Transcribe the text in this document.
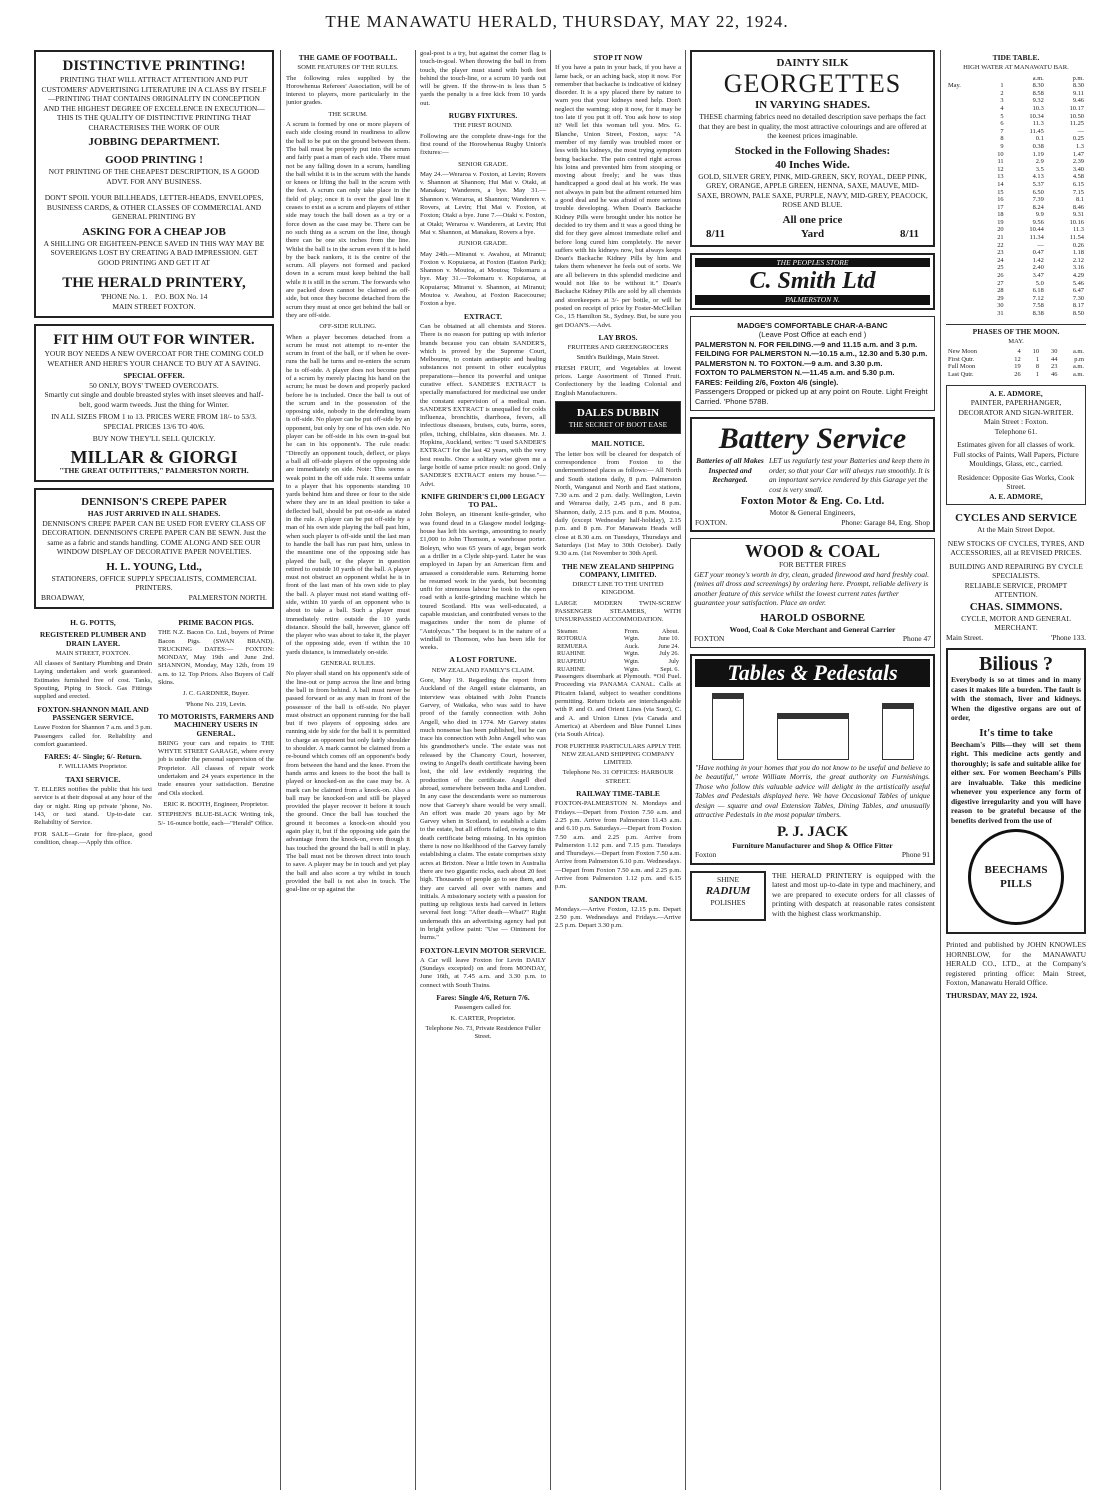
THE MANAWATU HERALD, THURSDAY, MAY 22, 1924.
DISTINCTIVE PRINTING!

PRINTING THAT WILL ATTRACT ATTENTION AND PUT CUSTOMERS' ADVERTISING LITERATURE IN A CLASS BY ITSELF—PRINTING THAT CONTAINS ORIGINALITY IN CONCEPTION AND THE HIGHEST DEGREE OF EXCELLENCE IN EXECUTION—THIS IS THE QUALITY OF DISTINCTIVE PRINTING THAT CHARACTERISES THE WORK OF OUR

JOBBING DEPARTMENT.
GOOD PRINTING !

NOT PRINTING OF THE CHEAPEST DESCRIPTION, IS A GOOD ADVT. FOR ANY BUSINESS.

DON'T SPOIL YOUR BILLHEADS, LETTER-HEADS, ENVELOPES, BUSINESS CARDS, & OTHER CLASSES OF COMMERCIAL AND GENERAL PRINTING BY

ASKING FOR A CHEAP JOB

A SHILLING OR EIGHTEEN-PENCE SAVED IN THIS WAY MAY BE SOVEREIGNS LOST BY CREATING A BAD IMPRESSION. GET GOOD PRINTING AND GET IT AT

THE HERALD PRINTERY,
'PHONE No. 1. P.O. BOX No. 14
MAIN STREET FOXTON.
FIT HIM OUT FOR WINTER.

YOUR BOY NEEDS A NEW OVERCOAT FOR THE COMING COLD WEATHER AND HERE'S YOUR CHANCE TO BUY AT A SAVING.

SPECIAL OFFER.
50 ONLY, BOYS' TWEED OVERCOATS.

Smartly cut single and double breasted styles with inset sleeves and half-belt, good warm tweeds. Just the thing for Winter.

IN ALL SIZES FROM 1 to 13. PRICES WERE FROM 18/- to 53/3. SPECIAL PRICES 13/6 TO 40/6.

BUY NOW THEY'LL SELL QUICKLY.
MILLAR & GIORGI
"THE GREAT OUTFITTERS," PALMERSTON NORTH.
DENNISON'S CREPE PAPER
HAS JUST ARRIVED IN ALL SHADES.

DENNISON'S CREPE PAPER CAN BE USED FOR EVERY CLASS OF DECORATION. DENNISON'S CREPE PAPER CAN BE SEWN. Just the same as a fabric and stands handling. COME ALONG AND SEE OUR WINDOW DISPLAY OF DECORATIVE PAPER NOVELTIES.

H. L. YOUNG, Ltd.,
STATIONERS, OFFICE SUPPLY SPECIALISTS, COMMERCIAL PRINTERS.
BROADWAY,	PALMERSTON NORTH.
H. G. POTTS,
REGISTERED PLUMBER AND DRAIN LAYER.
MAIN STREET, FOXTON.

All classes of Sanitary Plumbing and Drain Laying undertaken and work guaranteed. Estimates furnished free of cost. Tanks, Spouting, Piping in Stock. Gas Fittings supplied and erected.

FOXTON-SHANNON MAIL AND PASSENGER SERVICE.

Leave Foxton for Shannon 7 a.m. and 3 p.m. Passengers called for. Reliability and comfort guaranteed.

FARES: 4/- Single; 6/- Return.
F. WILLIAMS Proprietor.
TAXI SERVICE.

T. ELLERS notifies the public that his taxi service is at their disposal at any hour of the day or night. Ring up private 'phone, No. 143, or taxi stand. Up-to-date car. Reliability of Service.

FOR SALE—Grate for fire-place, good condition, cheap.—Apply this office.

PRIME BACON PIGS.

THE N.Z. Bacon Co. Ltd., buyers of Prime Bacon Pigs. (SWAN BRAND). TRUCKING DATES:— FOXTON: MONDAY, May 19th and June 2nd. SHANNON, Monday, May 12th, from 19 a.m. to 12. Top Prices. Also Buyers of Calf Skins.

J. C. GARDNER, Buyer.
'Phone No. 219, Levin.
TO MOTORISTS, FARMERS AND MACHINERY USERS IN GENERAL.

BRING your cars and repairs to THE WHYTE STREET GARAGE, where every job is under the personal supervision of the Proprietor. All classes of repair work undertaken and 24 years experience in the trade ensures your satisfaction. Benzine and Oils stocked.

ERIC R. BOOTH, Engineer, Proprietor.

STEPHEN'S BLUE-BLACK Writing ink, 5/- 16-ounce bottle, each—"Herald" Office.

THE GAME OF FOOTBALL.
SOME FEATURES OF THE RULES.

The following rules supplied by the Horowhenua Referees' Association, will be of interest to players, more particularly in the junior grades.

THE SCRUM.

A scrum is formed by one or more players of each side closing round in readiness to allow the ball to be put on the ground between them. The ball must be properly put into the scrum and fairly past a man of each side. There must not be any falling down in a scrum, handling the ball whilst it is in the scrum with the hands or knees or lifting the ball in the scrum with the feet. A scrum can only take place in the field of play; once it is over the goal line it ceases to exist as a scrum and players of either side may touch the ball down as a try or a force down as the case may be. There can be no such thing as a scrum on the line, though there can be one six inches from the line. Whilst the ball is in the scrum even if it is held by the back rankers, it is the centre of the scrum. All players not formed and packed down in a scrum must keep behind the ball while it is still in the scrum. The forwards who are packed down cannot be claimed as off-side, but once they become detached from the scrum they must at once get behind the ball or they are off-side.

OFF-SIDE RULING.

When a player becomes detached from a scrum he must not attempt to re-enter the scrum in front of the ball, or if when he over-runs the ball he turns and re-enters the scrum he is off-side. A player does not become part of a scrum by merely placing his hand on the scrum; he must be down and properly packed before he is included. Once the ball is out of the scrum and in the possession of the opposing side, nobody in the defending team is off-side. No player can be put off-side by an opponent, but only by one of his own side. No player can be off-side in his own in-goal but he can in his opponent's. The rule reads: "Directly an opponent touch, deflect, or plays a ball all off-side players of the opposing side are immediately on side. Note: This seems a weak point in the off side rule. It seems unfair to a player that his opponents standing 10 yards behind him and three or four to the side where they are in an ideal position to take a deflected ball, should be put on-side as stated in the rule. A player can be put off-side by a man of his own side playing the ball past him, when such player is off-side until the last man to handle the ball has run past him, unless in the meantime one of the opposing side has played the ball, or the player in question retired to outside 10 yards of the ball. A player must not obstruct an opponent whilst he is in front of the last man of his own side to play the ball. A player must not stand waiting off-side, within 10 yards of an opponent who is about to take a ball. Such a player must immediately retire outside the 10 yards distance. Should the ball, however, glance off the player who was about to take it, the player of the opposing side, even if within the 10 yards distance, is immediately on-side.

GENERAL RULES.

No player shall stand on his opponent's side of the line-out or jump across the line and bring the ball in from behind. A ball must never be passed forward or as any man in front of the possessor of the ball is off-side. No player must obstruct an opponent running for the ball but if two players of opposing sides are running side by side for the ball it is permitted to charge an opponent but only fairly shoulder to shoulder. A mark cannot be claimed from a re-bound which comes off an opponent's body from between the hand and the knee. From the hands arms and knees to the boot the ball is played or knocked-on as the case may be. A mark can be claimed from a knock-on. Also a ball may be knocked-on and still be played provided the player recover it before it touch the ground. Once the ball has touched the ground it becomes a knock-on should you again play it, but if the opposing side gain the advantage from the knock-on, even though it has touched the ground the ball is still in play. The ball must not be thrown direct into touch to save. A player may be in touch and yet play the ball and also score a try whilst in touch provided the ball is not also in touch. The goal-line or up against the

goal-post is a try, but against the corner flag is touch-in-goal. When throwing the ball in from touch, the player must stand with both feet behind the touch-line, or a scrum 10 yards out will be given. If the throw-in is less than 5 yards the penalty is a free kick from 10 yards out.

RUGBY FIXTURES.
THE FIRST ROUND.

Following are the complete draw-ings for the first round of the Horowhenua Rugby Union's fixtures:—

SENIOR GRADE.

May 24.—Weraroa v. Foxton, at Levin; Rovers v. Shannon at Shannon; Hui Mai v. Otaki, at Manakau; Wanderers, a bye. May 31.—Shannon v. Weraroa, at Shannon; Wanderers v. Rovers, at Levin; Hui Mai v. Foxton, at Foxton; Otaki a bye. June 7.—Otaki v. Foxton, at Otaki; Weraroa v. Wanderers, at Levin; Hui Mai v. Shannon, at Manakau, Rovers a bye.

JUNIOR GRADE.

May 24th.—Miranui v. Awahou, at Miranui; Foxton v. Kopuiaroa, at Foxton (Easton Park); Shannon v. Moutoa, at Moutoa; Tokomaru a bye. May 31.—Tokomaru v. Kopuiaroa, at Kopuiaroa; Miranui v. Shannon, at Miranui; Moutoa v. Awahou, at Foxton Racecourse; Foxton a bye.

EXTRACT.

Can be obtained at all chemists and Stores. There is no reason for putting up with inferior brands because you can obtain SANDER'S, which is proved by the Supreme Court, Melbourne, to contain antiseptic and healing substances not present in other eucalyptus preparations—hence its powerful and unique curative effect. SANDER'S EXTRACT is specially manufactured for medicinal use under the constant supervision of a medical man. SANDER'S EXTRACT is unequalled for colds influenza, bronchitis, diarrhoea, fevers, all infectious diseases, bruises, cuts, burns, sores, piles, itching, chilblains, skin diseases. Mr. J. Hopkins, Auckland, writes: "I used SANDER'S EXTRACT for the last 42 years, with the very best results. Once a solitary wise given me a large bottle of same price result: no good. Only SANDER'S EXTRACT enters my house."—Advt.

KNIFE GRINDER'S £1,000 LEGACY TO PAL.

John Boleyn, an itinerant knife-grinder, who was found dead in a Glasgow model lodging-house has left his savings, amounting to nearly £1,000 to John Thomson, a warehouse porter. Boleyn, who was 65 years of age, began work as a driller in a Clyde ship-yard. Later he was employed in Japan by an American firm and amassed a considerable sum. Returning home he resumed work in the yards, but becoming unfit for strenuous labour he took to the open road with a knife-grinding machine which he toured Scotland. His was well-educated, a capable musician, and contributed verses to the magazines under the nom de plume of "Autolycus." The bequest is in the nature of a windfall to Thomson, who has been idle for weeks.

A LOST FORTUNE.
NEW ZEALAND FAMILY'S CLAIM.

Gore, May 19. Regarding the report from Auckland of the Angell estate claimants, an interview was obtained with John Francis Garvey, of Waikaka, who was said to have proof of the family connection with John Angell, who died in 1774. Mr Garvey states much nonsense has been published, but he can trace his connection with John Angell who was his grandmother's uncle. The estate was not released by the Chancery Court, however, owing to Angell's death certificate having been lost, the old law evidently requiring the production of the certificate. Angell died abroad, somewhere between India and London. In any case the descendants were so numerous now that Garvey's share would be very small. An effort was made 20 years ago by Mr Garvey when in Scotland, to establish a claim to the estate, but all efforts failed, owing to this death certificate being missing. In his opinion there is now no likelihood of the Garvey family establishing a claim. The estate comprises sixty acres at Brixton. Near a little town in Australia there are two gigantic rocks, each about 20 feet high. Thousands of people go to see them, and they are carved all over with names and initials. A missionary society with a passion for putting up religious texts had carved in letters several feet long: "After death—What?" Right underneath this an advertising agency had put in bright yellow paint: "Use — Ointment for burns."

FOXTON-LEVIN MOTOR SERVICE.

A Car will leave Foxton for Levin DAILY (Sundays excepted) on and from MONDAY, June 16th, at 7.45 a.m. and 3.30 p.m. to connect with South Trains.

Fares: Single 4/6, Return 7/6.
Passengers called for.
K. CARTER, Proprietor.
Telephone No. 73, Private Residence Fuller Street.
STOP IT NOW

If you have a pain in your back, if you have a lame back, or an aching back, stop it now. For remember that backache is indicative of kidney disorder. It is a spy placed there by nature to warn you that your kidneys need help. Don't neglect the warning; stop it now, for it may be too late if you put it off. You ask how to stop it? Well let this woman tell you. Mrs. G. Blanche, Union Street, Foxton, says: "A member of my family was troubled more or less with his kidneys, the most trying symptom being backache. The pain centred right across his loins and prevented him from stooping or moving about freely; and he was thus handicapped a good deal at his work. He was not always in pain but the ailment returned him a good deal and he was afraid of more serious trouble developing. When Doan's Backache Kidney Pills were brought under his notice he decided to try them and it was a good thing he did for they gave almost immediate relief and before long cured him completely. He never suffers with his kidneys now, but always keeps Doan's Backache Kidney Pills by him and takes them whenever he feels out of sorts. We are all believers in this splendid medicine and would not like to be without it." Doan's Backache Kidney Pills are sold by all chemists and storekeepers at 3/- per bottle, or will be posted on receipt of price by Foster-McClellan Co., 15 Hamilton St., Sydney. But, be sure you get DOAN'S.—Advt.

LAY BROS.
FRUITERS AND GREENGROCERS
Smith's Buildings, Main Street.

FRESH FRUIT, and Vegetables at lowest prices. Large Assortment of Tinned Fruit. Confectionery by the leading Colonial and English Manufacturers.

DALES DUBBIN
THE SECRET OF BOOT EASE
MAIL NOTICE.

The letter box will be cleared for despatch of correspondence from Foxton to the undermentioned places as follows:— All North and South stations daily, 8 p.m. Palmerston North, Wanganui and North and East stations, 7.30 a.m. and 2 p.m. daily. Wellington, Levin and Weraroa daily, 2.45 p.m., and 8 p.m. Shannon, daily, 2.15 p.m. and 8 p.m. Moutoa, daily (except Wednesday half-holiday), 2.15 p.m. and 8 p.m. For Manawatu Heads will close at 8.30 a.m. on Tuesdays, Thursdays and Saturdays (1st May to 30th October). Daily 9.30 a.m. (1st November to 30th April.

THE NEW ZEALAND SHIPPING COMPANY, LIMITED.
DIRECT LINE TO THE UNITED KINGDOM.

LARGE MODERN TWIN-SCREW PASSENGER STEAMERS, WITH UNSURPASSED ACCOMMODATION.

Steamer.	From.	About.
ROTORUA	Wgtn.	June 10.
REMUERA	Auck.	June 24.
RUAHINE	Wgtn.	July 26.
RUAPEHU	Wgtn.	July
RUAHINE	Wgtn.	Sept. 6.

Passengers disembark at Plymouth. *Oil Fuel. Proceeding via PANAMA CANAL. Calls at Pitcairn Island, subject to weather conditions permitting. Return tickets are interchangeable with P. and O. and Orient Lines (via Suez), C. and A. and Union Lines (via Canada and America) at Aberdeen and Blue Funnel Lines (via South Africa).

FOR FURTHER PARTICULARS APPLY THE NEW ZEALAND SHIPPING COMPANY LIMITED.
Telephone No. 31 OFFICES: HARBOUR STREET.
RAILWAY TIME-TABLE

FOXTON-PALMERSTON N. Mondays and Fridays.—Depart from Foxton 7.50 a.m. and 2.25 p.m. Arrive from Palmerston 11.43 a.m. and 6.10 p.m. Saturdays.—Depart from Foxton 7.50 a.m. and 2.25 p.m. Arrive from Palmerston 1.12 p.m. and 7.15 p.m. Tuesdays and Thursdays.—Depart from Foxton 7.50 a.m. Arrive from Palmerston 6.10 p.m. Wednesdays.—Depart from Foxton 7.50 a.m. and 2.25 p.m. Arrive from Palmerston 1.12 p.m. and 6.15 p.m.

SANDON TRAM.

Mondays.—Arrive Foxton, 12.15 p.m. Depart 2.50 p.m. Wednesdays and Fridays.—Arrive 2.5 p.m. Depart 3.30 p.m.

DAINTY SILK
GEORGETTES
IN VARYING SHADES.

THESE charming fabrics need no detailed description save perhaps the fact that they are best in quality, the most attractive colourings and are offered at the keenest prices imaginable.

Stocked in the Following Shades:
40 Inches Wide.

GOLD, SILVER GREY, PINK, MID-GREEN, SKY, ROYAL, DEEP PINK, GREY, ORANGE, APPLE GREEN, HENNA, SAXE, MAUVE, MID-SAXE, BROWN, PALE SAXE, PURPLE, NAVY, MID-GREY, PEACOCK, ROSE AND BLUE.

All one price
8/11	Yard	8/11
THE PEOPLES STORE
C. Smith Ltd
PALMERSTON N.
MADGE'S COMFORTABLE CHAR-A-BANC
(Leave Post Office at each end )
PALMERSTON N. FOR FEILDING.—9 and 11.15 a.m. and 3 p.m.
FEILDING FOR PALMERSTON N.—10.15 a.m., 12.30 and 5.30 p.m.
PALMERSTON N. TO FOXTON.—9 a.m. and 3.30 p.m.
FOXTON TO PALMERSTON N.—11.45 a.m. and 5.30 p.m.
FARES: Feilding 2/6, Foxton 4/6 (single).
Passengers Dropped or picked up at any point on Route. Light Freight Carried. 'Phone 578B.
Battery Service
Batteries of all Makes Inspected and Recharged.
LET us regularly test your Batteries and keep them in order, so that your Car will always run smoothly. It is an important service rendered by this Garage yet the cost is very small.
Foxton Motor & Eng. Co. Ltd.
Motor & General Engineers,
FOXTON.	Phone: Garage 84, Eng. Shop
WOOD & COAL
FOR BETTER FIRES

GET your money's worth in dry, clean, graded firewood and hard freshly coal. (mines all dross and screenings) by ordering here. Prompt, reliable delivery is another feature of this service whilst the lowest current rates further guarantee your satisfaction. Place an order.

HAROLD OSBORNE
Wood, Coal & Coke Merchant and General Carrier
FOXTON	Phone 47
Tables & Pedestals

"Have nothing in your homes that you do not know to be useful and believe to be beautiful," wrote William Morris, the great authority on Furnishings. Those who follow this valuable advice will delight in the artistically useful Tables and Pedestals displayed here. We have Occasional Tables of unique design — square and oval Extension Tables, Dining Tables, and unusually attractive Pedestals in the most popular timbers.

P. J. JACK
Furniture Manufacturer and Shop & Office Fitter
Foxton	Phone 91
SHINE
RADIUM
POLISHES

THE HERALD PRINTERY is equipped with the latest and most up-to-date in type and machinery, and we are prepared to execute orders for all classes of printing with despatch at reasonable rates consistent with the highest class workmanship.

TIDE TABLE.
HIGH WATER AT MANAWATU BAR.
		a.m.	p.m.
May.	1	8.30	8.30
	2	8.58	9.11
	3	9.32	9.46
	4	10.3	10.17
	5	10.34	10.50
	6	11.3	11.25
	7	11.45	—
	8	0.1	0.25
	9	0.38	1.3
	10	1.19	1.47
	11	2.9	2.39
	12	3.5	3.40
	13	4.13	4.58
	14	5.37	6.15
	15	6.50	7.15
	16	7.39	8.1
	17	8.24	8.46
	18	9.9	9.31
	19	9.56	10.16
	20	10.44	11.3
	21	11.34	11.54
	22	—	0.26
	23	0.47	1.18
	24	1.42	2.12
	25	2.40	3.16
	26	3.47	4.29
	27	5.0	5.46
	28	6.18	6.47
	29	7.12	7.30
	30	7.58	8.17
	31	8.38	8.50
PHASES OF THE MOON.
MAY.
New Moon	4	10	30	a.m.
First Qutr.	12	1	44	p.m
Full Moon	19	8	23	a.m.
Last Qutr.	26	1	46	a.m.
A. E. ADMORE,
PAINTER, PAPERHANGER, DECORATOR AND SIGN-WRITER.
Main Street : Foxton.
Telephone 61.
Estimates given for all classes of work.
Full stocks of Paints, Wall Papers, Picture Mouldings, Glass, etc., carried.
Residence: Opposite Gas Works, Cook Street.
A. E. ADMORE,
CYCLES AND SERVICE
At the Main Street Depot.
NEW STOCKS OF CYCLES, TYRES, AND ACCESSORIES, all at REVISED PRICES.
BUILDING AND REPAIRING BY CYCLE SPECIALISTS.
RELIABLE SERVICE, PROMPT ATTENTION.
CHAS. SIMMONS.
CYCLE, MOTOR AND GENERAL MERCHANT.
Main Street.	'Phone 133.
Bilious ?

Everybody is so at times and in many cases it makes life a burden. The fault is with the stomach, liver and kidneys. When the digestive organs are out of order,

It's time to take

Beecham's Pills—they will set them right. This medicine acts gently and thoroughly; is safe and suitable alike for either sex. For women Beecham's Pills are invaluable. Take this medicine whenever you experience any form of digestive irregularity and you will have reason to be grateful because of the benefits derived from the use of

BEECHAMS PILLS

Printed and published by JOHN KNOWLES HORNBLOW, for the MANAWATU HERALD CO., LTD., at the Company's registered printing office: Main Street, Foxton, Manawatu Herald Office.

THURSDAY, MAY 22, 1924.
